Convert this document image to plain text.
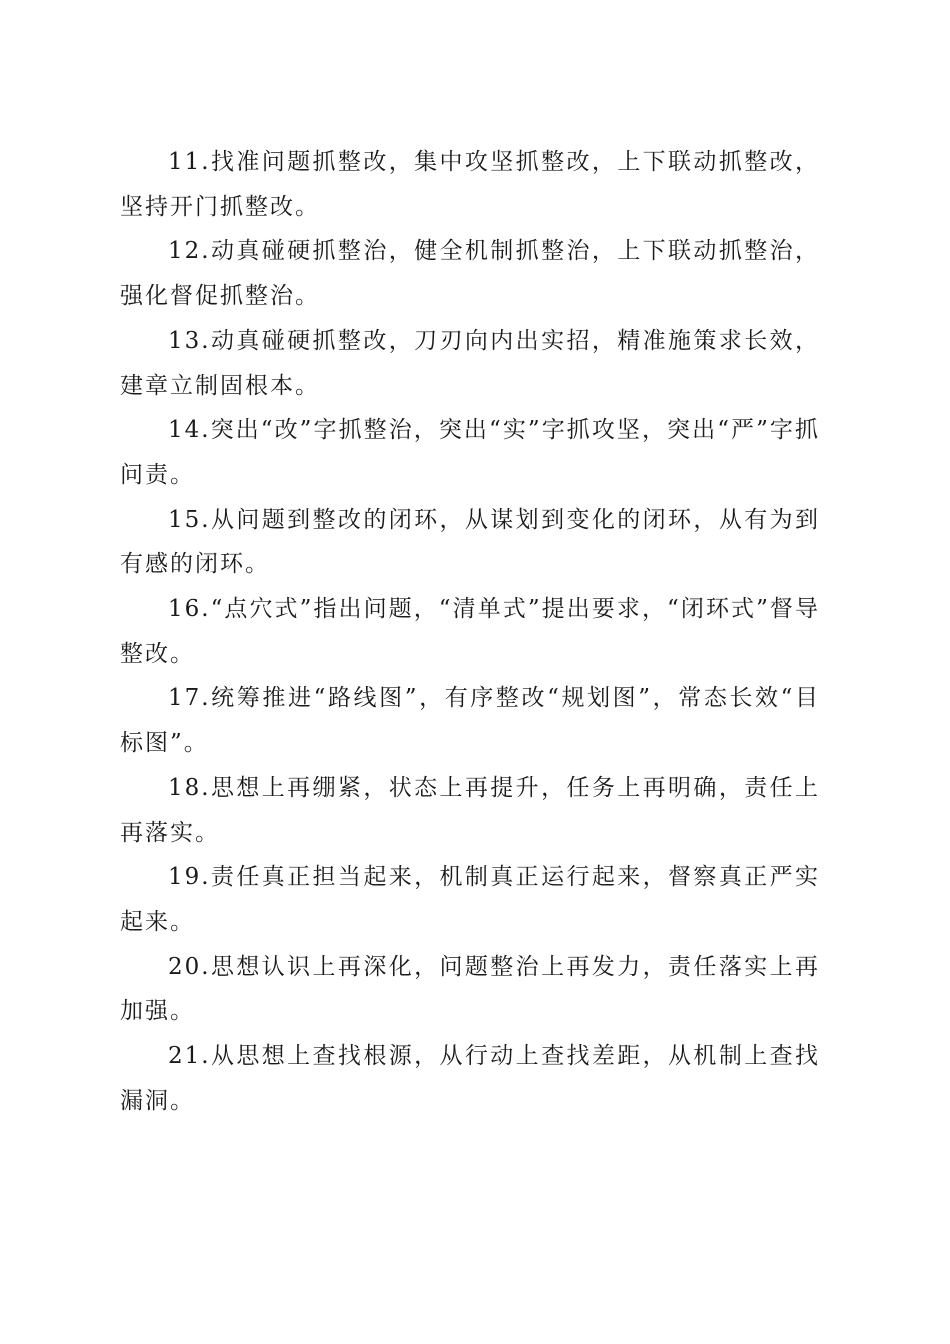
11.找准问题抓整改，集中攻坚抓整改，上下联动抓整改，坚持开门抓整改。

12.动真碰硬抓整治，健全机制抓整治，上下联动抓整治，强化督促抓整治。

13.动真碰硬抓整改，刀刃向内出实招，精准施策求长效，建章立制固根本。

14.突出“改”字抓整治，突出“实”字抓攻坚，突出“严”字抓问责。

15.从问题到整改的闭环，从谋划到变化的闭环，从有为到有感的闭环。

16.“点穴式”指出问题，“清单式”提出要求，“闭环式”督导整改。

17.统筹推进“路线图”，有序整改“规划图”，常态长效“目标图”。

18.思想上再绷紧，状态上再提升，任务上再明确，责任上再落实。

19.责任真正担当起来，机制真正运行起来，督察真正严实起来。

20.思想认识上再深化，问题整治上再发力，责任落实上再加强。

21.从思想上查找根源，从行动上查找差距，从机制上查找漏洞。
